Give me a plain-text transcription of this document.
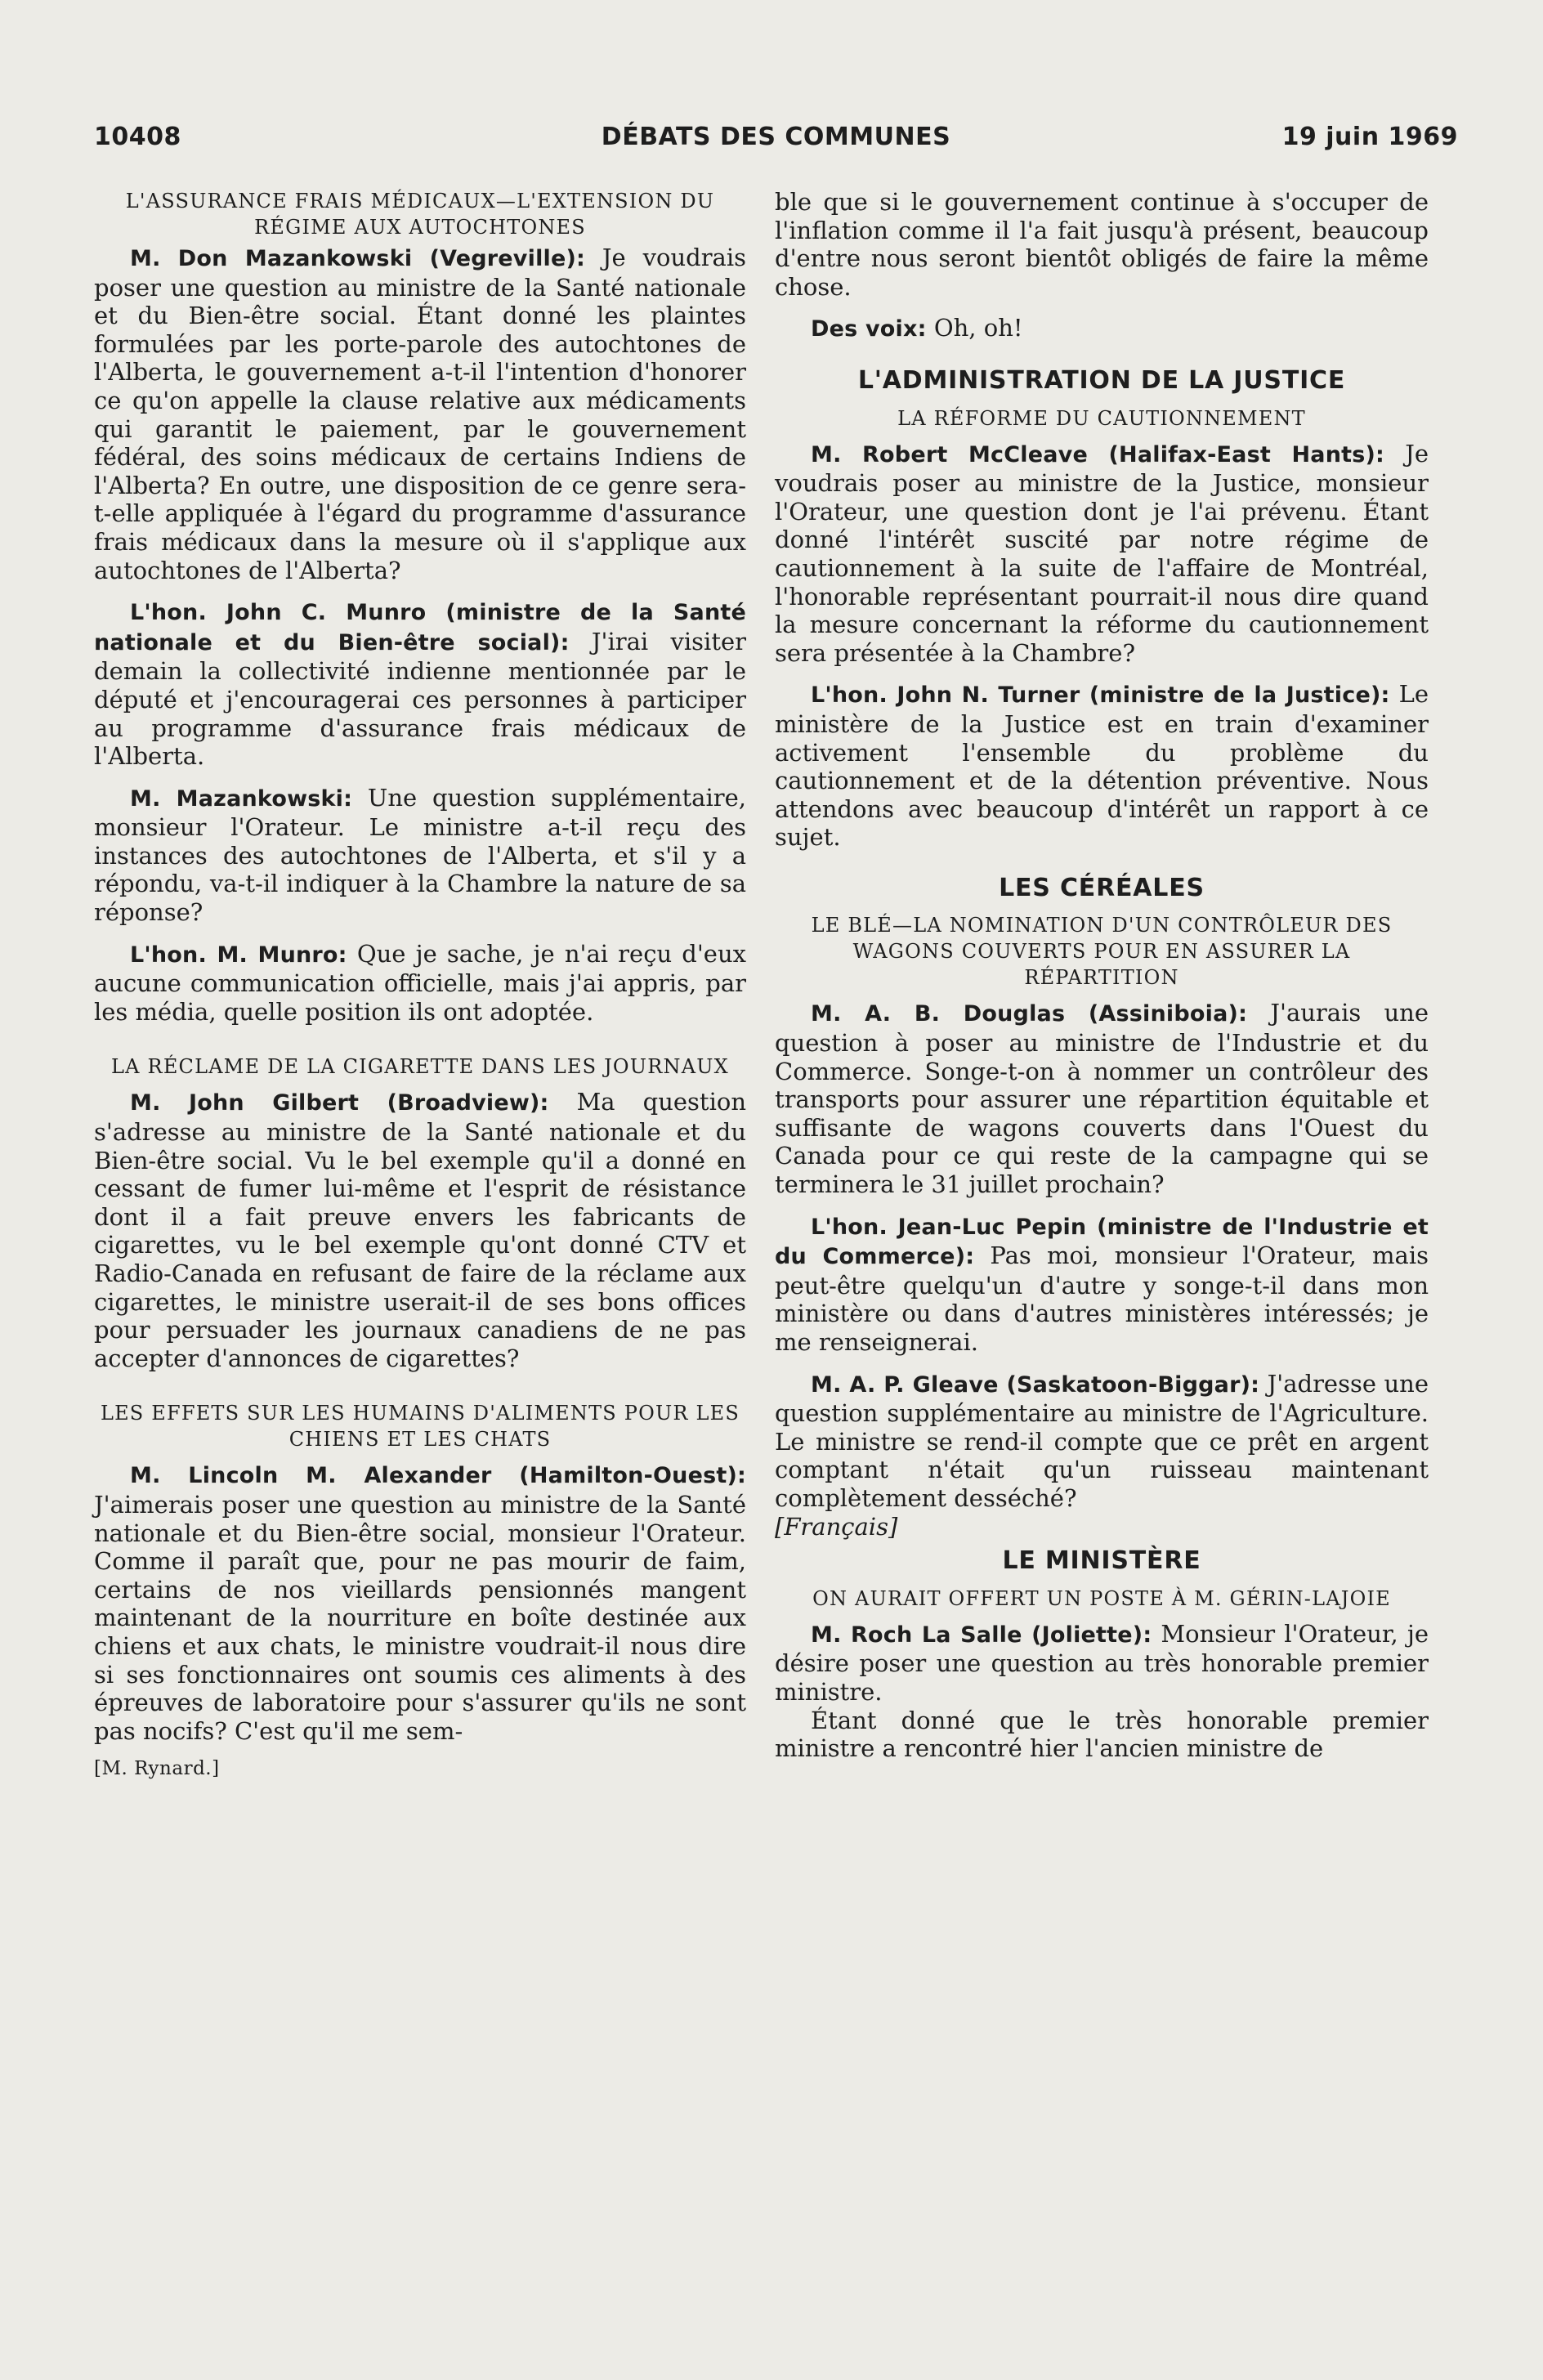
10408	DÉBATS DES COMMUNES	19 juin 1969
L'ASSURANCE FRAIS MÉDICAUX—L'EXTENSION DU RÉGIME AUX AUTOCHTONES

M. Don Mazankowski (Vegreville): Je voudrais poser une question au ministre de la Santé nationale et du Bien-être social. Étant donné les plaintes formulées par les porte-parole des autochtones de l'Alberta, le gouvernement a-t-il l'intention d'honorer ce qu'on appelle la clause relative aux médicaments qui garantit le paiement, par le gouvernement fédéral, des soins médicaux de certains Indiens de l'Alberta? En outre, une disposition de ce genre sera-t-elle appliquée à l'égard du programme d'assurance frais médicaux dans la mesure où il s'applique aux autochtones de l'Alberta?

L'hon. John C. Munro (ministre de la Santé nationale et du Bien-être social): J'irai visiter demain la collectivité indienne mentionnée par le député et j'encouragerai ces personnes à participer au programme d'assurance frais médicaux de l'Alberta.

M. Mazankowski: Une question supplémentaire, monsieur l'Orateur. Le ministre a-t-il reçu des instances des autochtones de l'Alberta, et s'il y a répondu, va-t-il indiquer à la Chambre la nature de sa réponse?

L'hon. M. Munro: Que je sache, je n'ai reçu d'eux aucune communication officielle, mais j'ai appris, par les média, quelle position ils ont adoptée.

LA RÉCLAME DE LA CIGARETTE DANS LES JOURNAUX

M. John Gilbert (Broadview): Ma question s'adresse au ministre de la Santé nationale et du Bien-être social. Vu le bel exemple qu'il a donné en cessant de fumer lui-même et l'esprit de résistance dont il a fait preuve envers les fabricants de cigarettes, vu le bel exemple qu'ont donné CTV et Radio-Canada en refusant de faire de la réclame aux cigarettes, le ministre userait-il de ses bons offices pour persuader les journaux canadiens de ne pas accepter d'annonces de cigarettes?

LES EFFETS SUR LES HUMAINS D'ALIMENTS POUR LES CHIENS ET LES CHATS

M. Lincoln M. Alexander (Hamilton-Ouest): J'aimerais poser une question au ministre de la Santé nationale et du Bien-être social, monsieur l'Orateur. Comme il paraît que, pour ne pas mourir de faim, certains de nos vieillards pensionnés mangent maintenant de la nourriture en boîte destinée aux chiens et aux chats, le ministre voudrait-il nous dire si ses fonctionnaires ont soumis ces aliments à des épreuves de laboratoire pour s'assurer qu'ils ne sont pas nocifs? C'est qu'il me sem-

[M. Rynard.]

ble que si le gouvernement continue à s'occuper de l'inflation comme il l'a fait jusqu'à présent, beaucoup d'entre nous seront bientôt obligés de faire la même chose.

Des voix: Oh, oh!

L'ADMINISTRATION DE LA JUSTICE
LA RÉFORME DU CAUTIONNEMENT

M. Robert McCleave (Halifax-East Hants): Je voudrais poser au ministre de la Justice, monsieur l'Orateur, une question dont je l'ai prévenu. Étant donné l'intérêt suscité par notre régime de cautionnement à la suite de l'affaire de Montréal, l'honorable représentant pourrait-il nous dire quand la mesure concernant la réforme du cautionnement sera présentée à la Chambre?

L'hon. John N. Turner (ministre de la Justice): Le ministère de la Justice est en train d'examiner activement l'ensemble du problème du cautionnement et de la détention préventive. Nous attendons avec beaucoup d'intérêt un rapport à ce sujet.

LES CÉRÉALES
LE BLÉ—LA NOMINATION D'UN CONTRÔLEUR DES WAGONS COUVERTS POUR EN ASSURER LA RÉPARTITION

M. A. B. Douglas (Assiniboia): J'aurais une question à poser au ministre de l'Industrie et du Commerce. Songe-t-on à nommer un contrôleur des transports pour assurer une répartition équitable et suffisante de wagons couverts dans l'Ouest du Canada pour ce qui reste de la campagne qui se terminera le 31 juillet prochain?

L'hon. Jean-Luc Pepin (ministre de l'Industrie et du Commerce): Pas moi, monsieur l'Orateur, mais peut-être quelqu'un d'autre y songe-t-il dans mon ministère ou dans d'autres ministères intéressés; je me renseignerai.

M. A. P. Gleave (Saskatoon-Biggar): J'adresse une question supplémentaire au ministre de l'Agriculture. Le ministre se rend-il compte que ce prêt en argent comptant n'était qu'un ruisseau maintenant complètement desséché?

[Français]

LE MINISTÈRE
ON AURAIT OFFERT UN POSTE À M. GÉRIN-LAJOIE

M. Roch La Salle (Joliette): Monsieur l'Orateur, je désire poser une question au très honorable premier ministre.

Étant donné que le très honorable premier ministre a rencontré hier l'ancien ministre de
